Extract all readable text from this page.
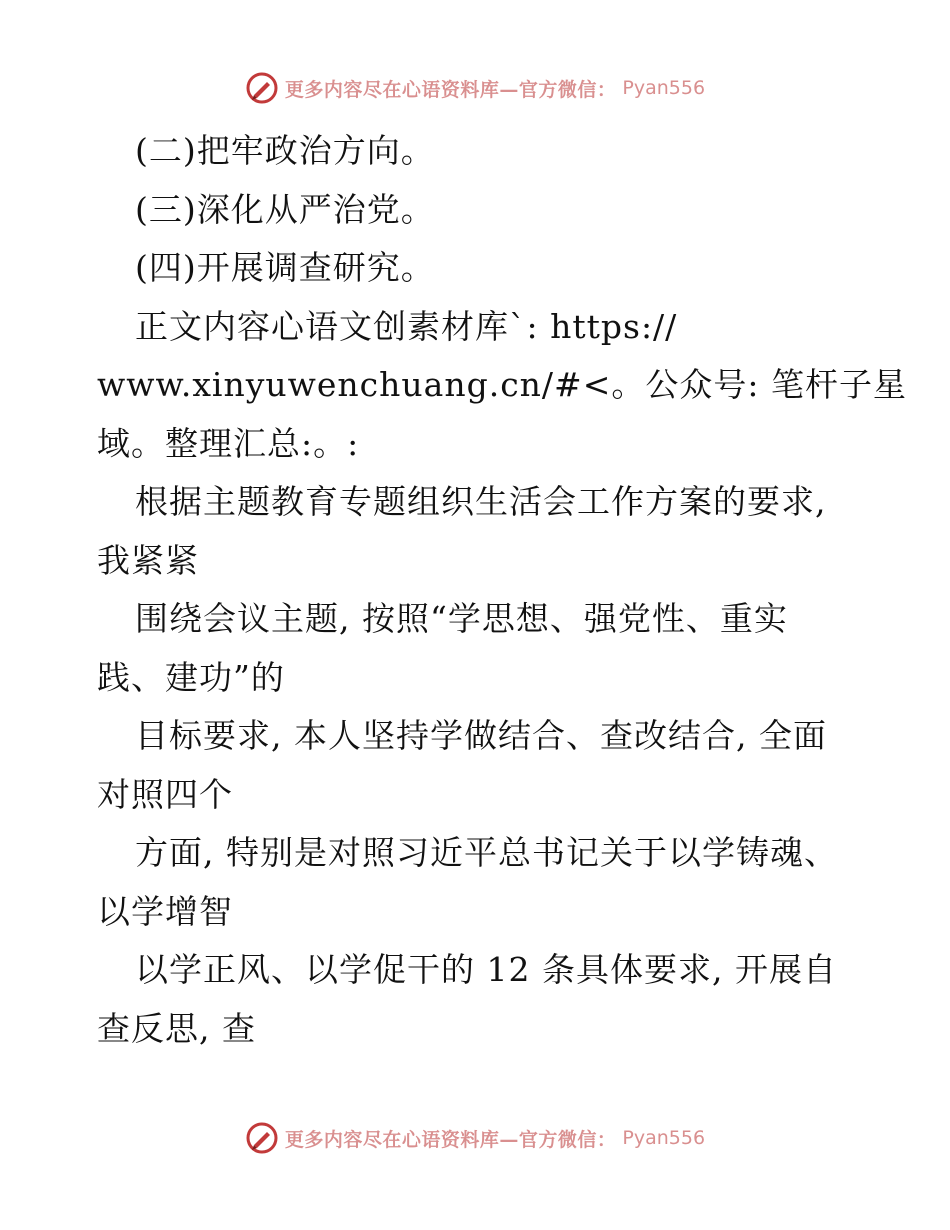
更多内容尽在心语资料库—官方微信： Pyan556
(二)把牢政治方向。
(三)深化从严治党。
(四)开展调查研究。
正文内容心语文创素材库`: https://
www.xinyuwenchuang.cn/#<。公众号: 笔杆子星
域。整理汇总:。:
根据主题教育专题组织生活会工作方案的要求,
我紧紧
围绕会议主题, 按照“学思想、强党性、重实
践、建功”的
目标要求, 本人坚持学做结合、查改结合, 全面
对照四个
方面, 特别是对照习近平总书记关于以学铸魂、
以学增智
以学正风、以学促干的 12 条具体要求, 开展自
查反思, 查
更多内容尽在心语资料库—官方微信： Pyan556
